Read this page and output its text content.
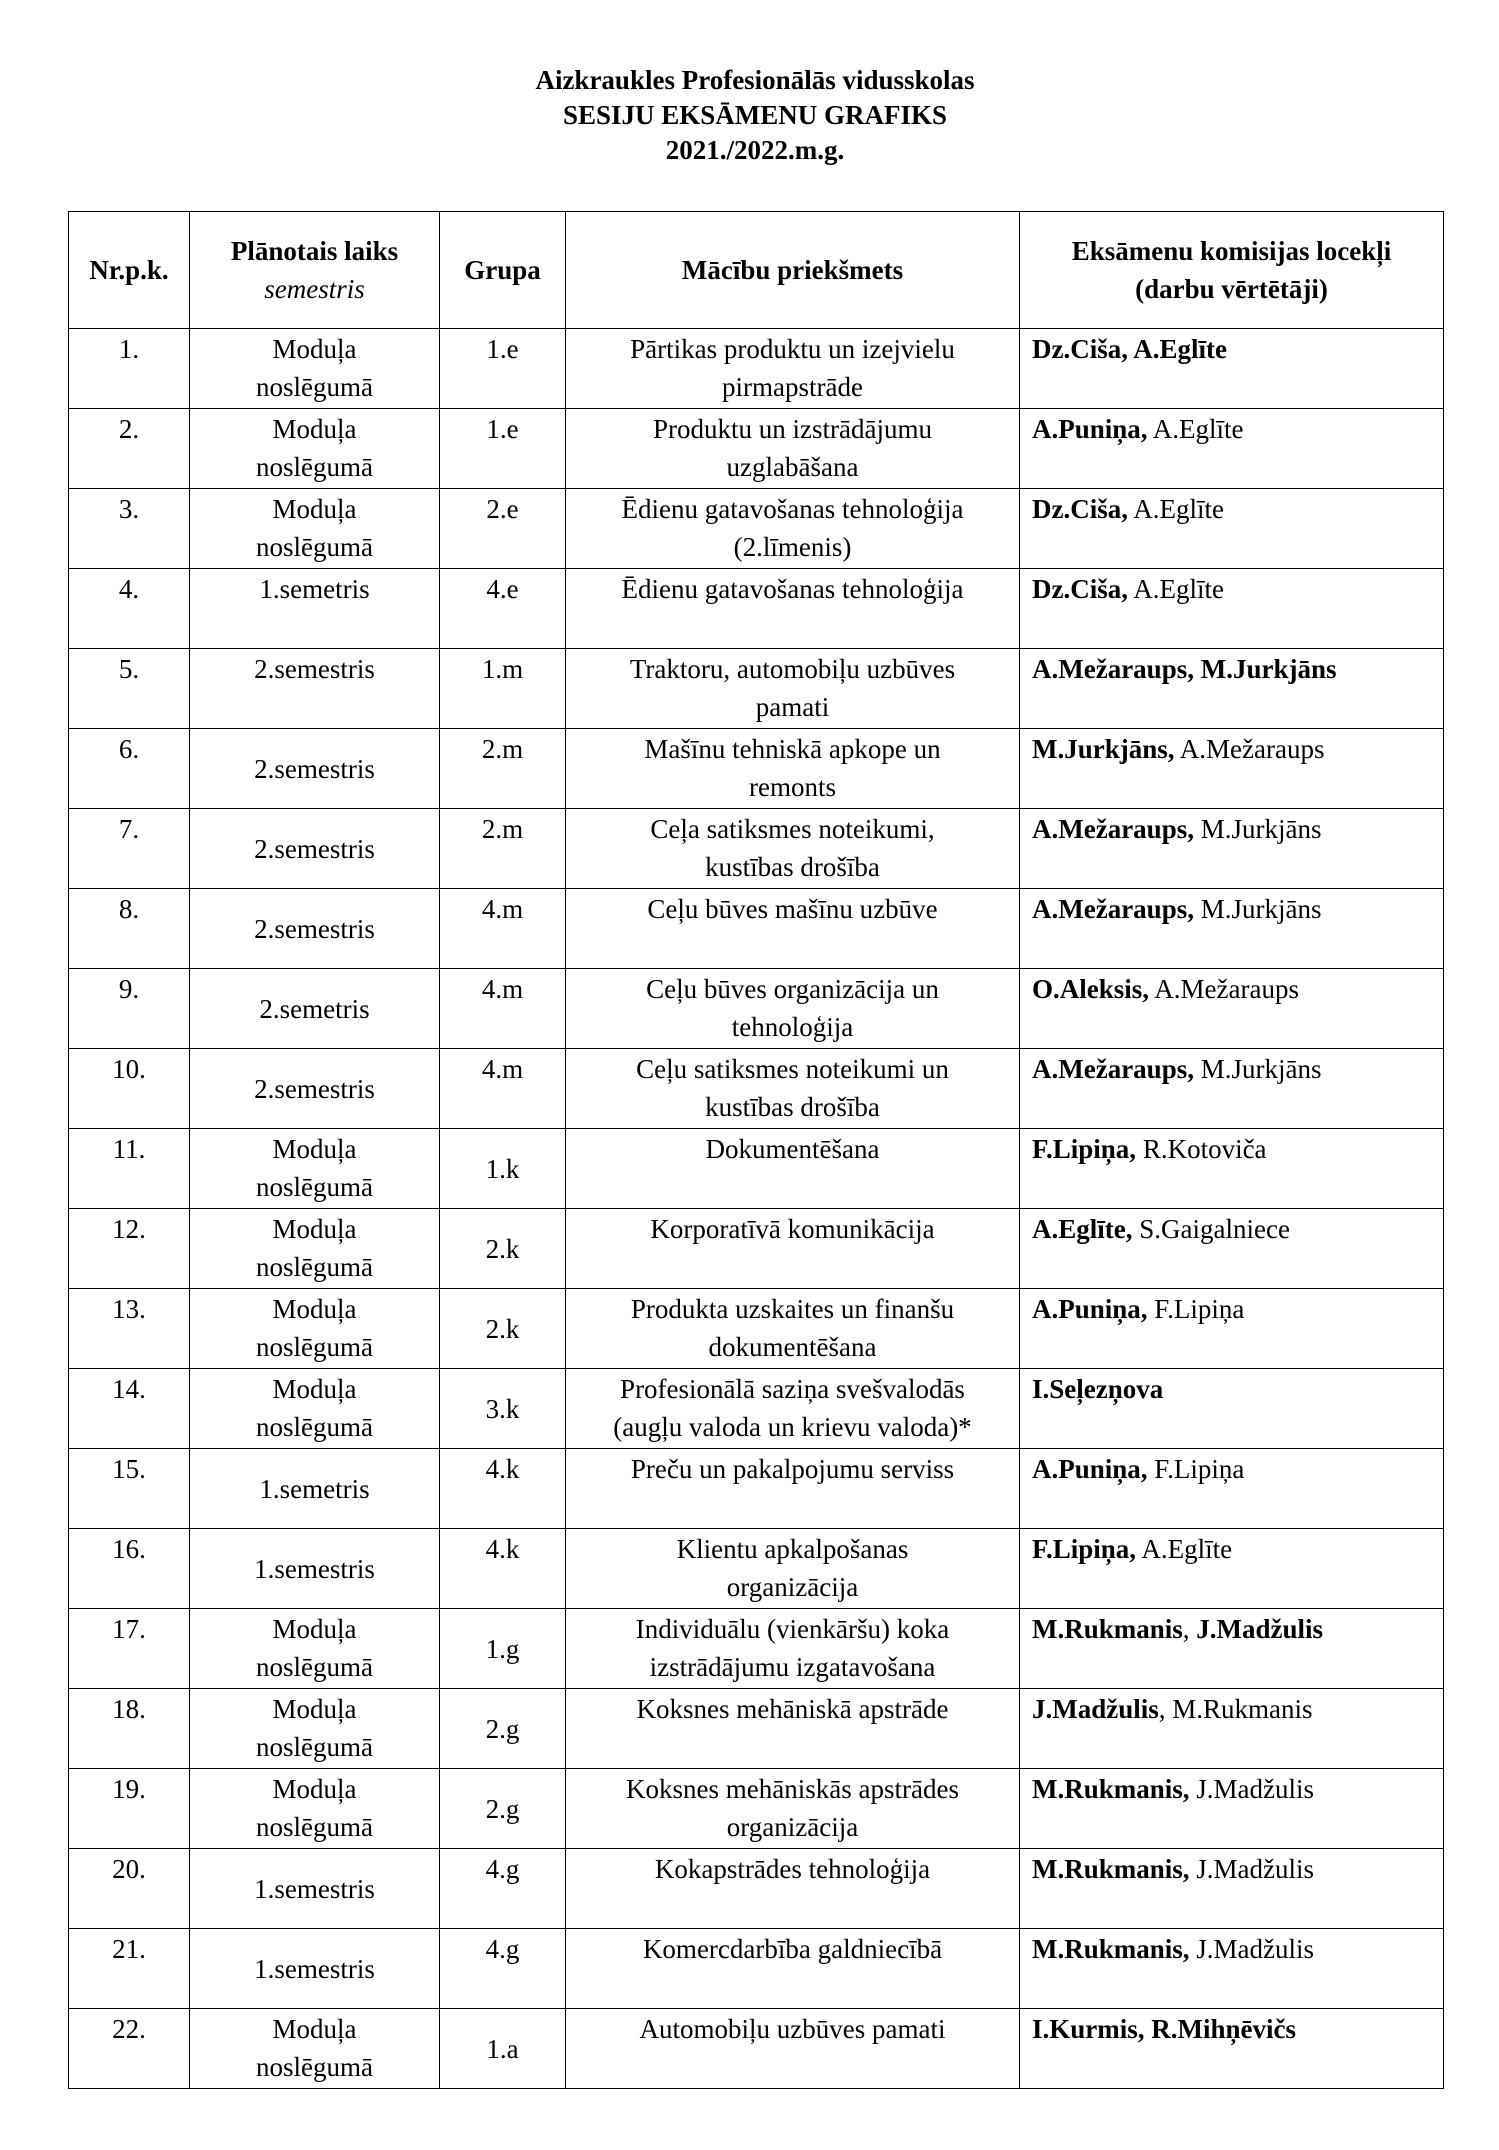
Aizkraukles Profesionālās vidusskolas
SESIJU EKSĀMENU GRAFIKS
2021./2022.m.g.
Nr.p.k.	Plānotais laiks
semestris	Grupa	Mācību priekšmets	Eksāmenu komisijas locekļi
(darbu vērtētāji)
1.	Moduļa
noslēgumā	1.e	Pārtikas produktu un izejvielu
pirmapstrāde	Dz.Ciša, A.Eglīte
2.	Moduļa
noslēgumā	1.e	Produktu un izstrādājumu
uzglabāšana	A.Puniņa, A.Eglīte
3.	Moduļa
noslēgumā	2.e	Ēdienu gatavošanas tehnoloģija
(2.līmenis)	Dz.Ciša, A.Eglīte
4.	1.semetris	4.e	Ēdienu gatavošanas tehnoloģija	Dz.Ciša, A.Eglīte
5.	2.semestris	1.m	Traktoru, automobiļu uzbūves
pamati	A.Mežaraups, M.Jurkjāns
6.	2.semestris	2.m	Mašīnu tehniskā apkope un
remonts	M.Jurkjāns, A.Mežaraups
7.	2.semestris	2.m	Ceļa satiksmes noteikumi,
kustības drošība	A.Mežaraups, M.Jurkjāns
8.	2.semestris	4.m	Ceļu būves mašīnu uzbūve	A.Mežaraups, M.Jurkjāns
9.	2.semetris	4.m	Ceļu būves organizācija un
tehnoloģija	O.Aleksis, A.Mežaraups
10.	2.semestris	4.m	Ceļu satiksmes noteikumi un
kustības drošība	A.Mežaraups, M.Jurkjāns
11.	Moduļa
noslēgumā	1.k	Dokumentēšana	F.Lipiņa, R.Kotoviča
12.	Moduļa
noslēgumā	2.k	Korporatīvā komunikācija	A.Eglīte, S.Gaigalniece
13.	Moduļa
noslēgumā	2.k	Produkta uzskaites un finanšu
dokumentēšana	A.Puniņa, F.Lipiņa
14.	Moduļa
noslēgumā	3.k	Profesionālā saziņa svešvalodās
(augļu valoda un krievu valoda)*	I.Seļezņova
15.	1.semetris	4.k	Preču un pakalpojumu serviss	A.Puniņa, F.Lipiņa
16.	1.semestris	4.k	Klientu apkalpošanas
organizācija	F.Lipiņa, A.Eglīte
17.	Moduļa
noslēgumā	1.g	Individuālu (vienkāršu) koka
izstrādājumu izgatavošana	M.Rukmanis, J.Madžulis
18.	Moduļa
noslēgumā	2.g	Koksnes mehāniskā apstrāde	J.Madžulis, M.Rukmanis
19.	Moduļa
noslēgumā	2.g	Koksnes mehāniskās apstrādes
organizācija	M.Rukmanis, J.Madžulis
20.	1.semestris	4.g	Kokapstrādes tehnoloģija	M.Rukmanis, J.Madžulis
21.	1.semestris	4.g	Komercdarbība galdniecībā	M.Rukmanis, J.Madžulis
22.	Moduļa
noslēgumā	1.a	Automobiļu uzbūves pamati	I.Kurmis, R.Mihņēvičs
